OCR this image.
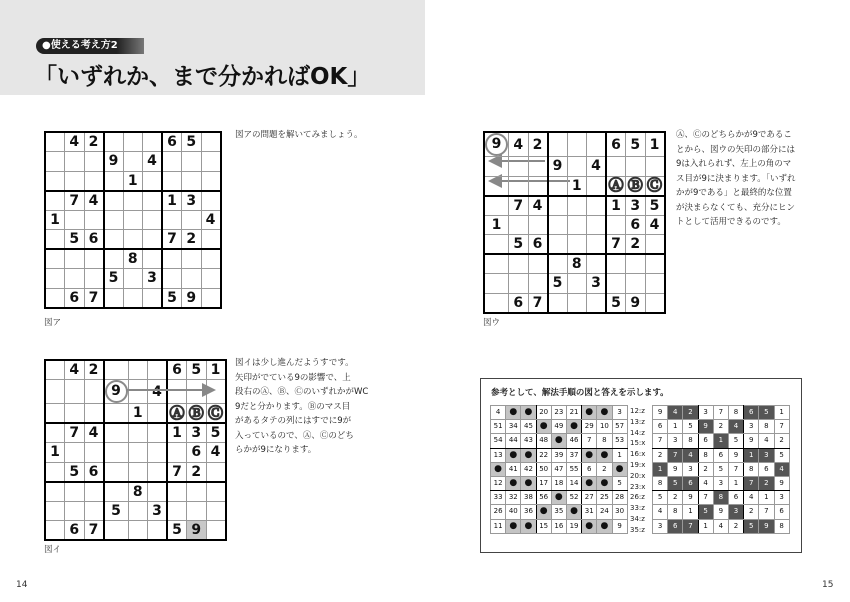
●使える考え方2
「いずれか、まで分かればOK」
	4	2				6	5	
			9		4			
				1				
	7	4				1	3	
1								4
	5	6				7	2	
				8				
			5		3			
	6	7				5	9	
図アの問題を解いてみましょう。
図ア
	4	2				6	5	1
			9		4			
				1		Ⓐ	Ⓑ	Ⓒ
	7	4				1	3	5
1							6	4
	5	6				7	2	
				8				
			5		3			
	6	7				5	9	
図イは少し進んだようすです。
矢印がでている9の影響で、上
段右のⒶ、Ⓑ、ⒸのいずれかがWC
9だと分かります。Ⓑのマス目
があるタテの列にはすでに9が
入っているので、Ⓐ、Ⓒのどち
らかが9になります。
図イ
9	4	2				6	5	1
			9		4			
				1		Ⓐ	Ⓑ	Ⓒ
	7	4				1	3	5
1							6	4
	5	6				7	2	
				8				
			5		3			
	6	7				5	9	
Ⓐ、Ⓒのどちらかが9であるこ
とから、図ウの矢印の部分には
9は入れられず、左上の角のマ
ス目が9に決まります。「いずれ
かが9である」と最終的な位置
が決まらなくても、充分にヒン
トとして活用できるのです。
図ウ
参考として、解法手順の図と答えを示します。
4	●	●	20	23	21	●	●	3
51	34	45	●	49	●	29	10	57
54	44	43	48	●	46	7	8	53
13	●	●	22	39	37	●	●	1
●	41	42	50	47	55	6	2	●
12	●	●	17	18	14	●	●	5
33	32	38	56	●	52	27	25	28
26	40	36	●	35	●	31	24	30
11	●	●	15	16	19	●	●	9
12:z
13:z
14:z
15:x
16:x
19:x
20:x
23:x
26:z
33:z
34:z
35:z
9	4	2	3	7	8	6	5	1
6	1	5	9	2	4	3	8	7
7	3	8	6	1	5	9	4	2
2	7	4	8	6	9	1	3	5
1	9	3	2	5	7	8	6	4
8	5	6	4	3	1	7	2	9
5	2	9	7	8	6	4	1	3
4	8	1	5	9	3	2	7	6
3	6	7	1	4	2	5	9	8
14	15
